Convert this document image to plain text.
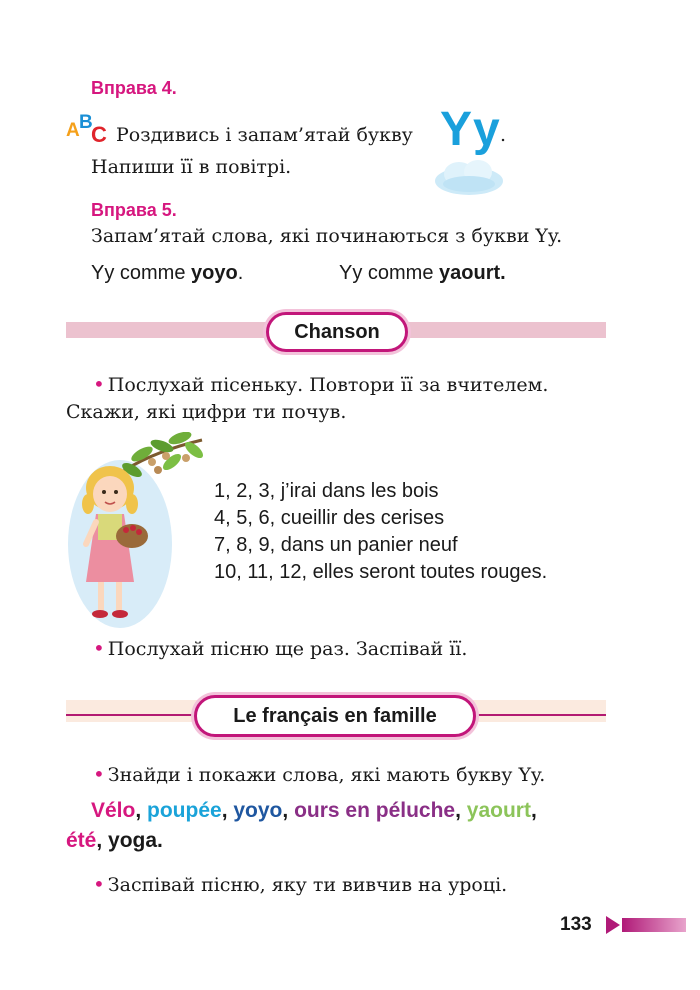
Вправа 4.
A B
C Роздивись і запам’ятай букву Yy .
Напиши її в повітрі.
Вправа 5.
Запам’ятай слова, які починаються з букви Yy.
Yy comme yoyo.	Yy comme yaourt.
Chanson
• Послухай пісеньку. Повтори її за вчителем.
Скажи, які цифри ти почув.
1, 2, 3, j’irai dans les bois
4, 5, 6, cueillir des cerises
7, 8, 9, dans un panier neuf
10, 11, 12, elles seront toutes rouges.
• Послухай пісню ще раз. Заспівай її.
Le français en famille
• Знайди і покажи слова, які мають букву Yy.
Vélo, poupée, yoyo, ours en péluche, yaourt,
été, yoga.
• Заспівай пісню, яку ти вивчив на уроці.
133
